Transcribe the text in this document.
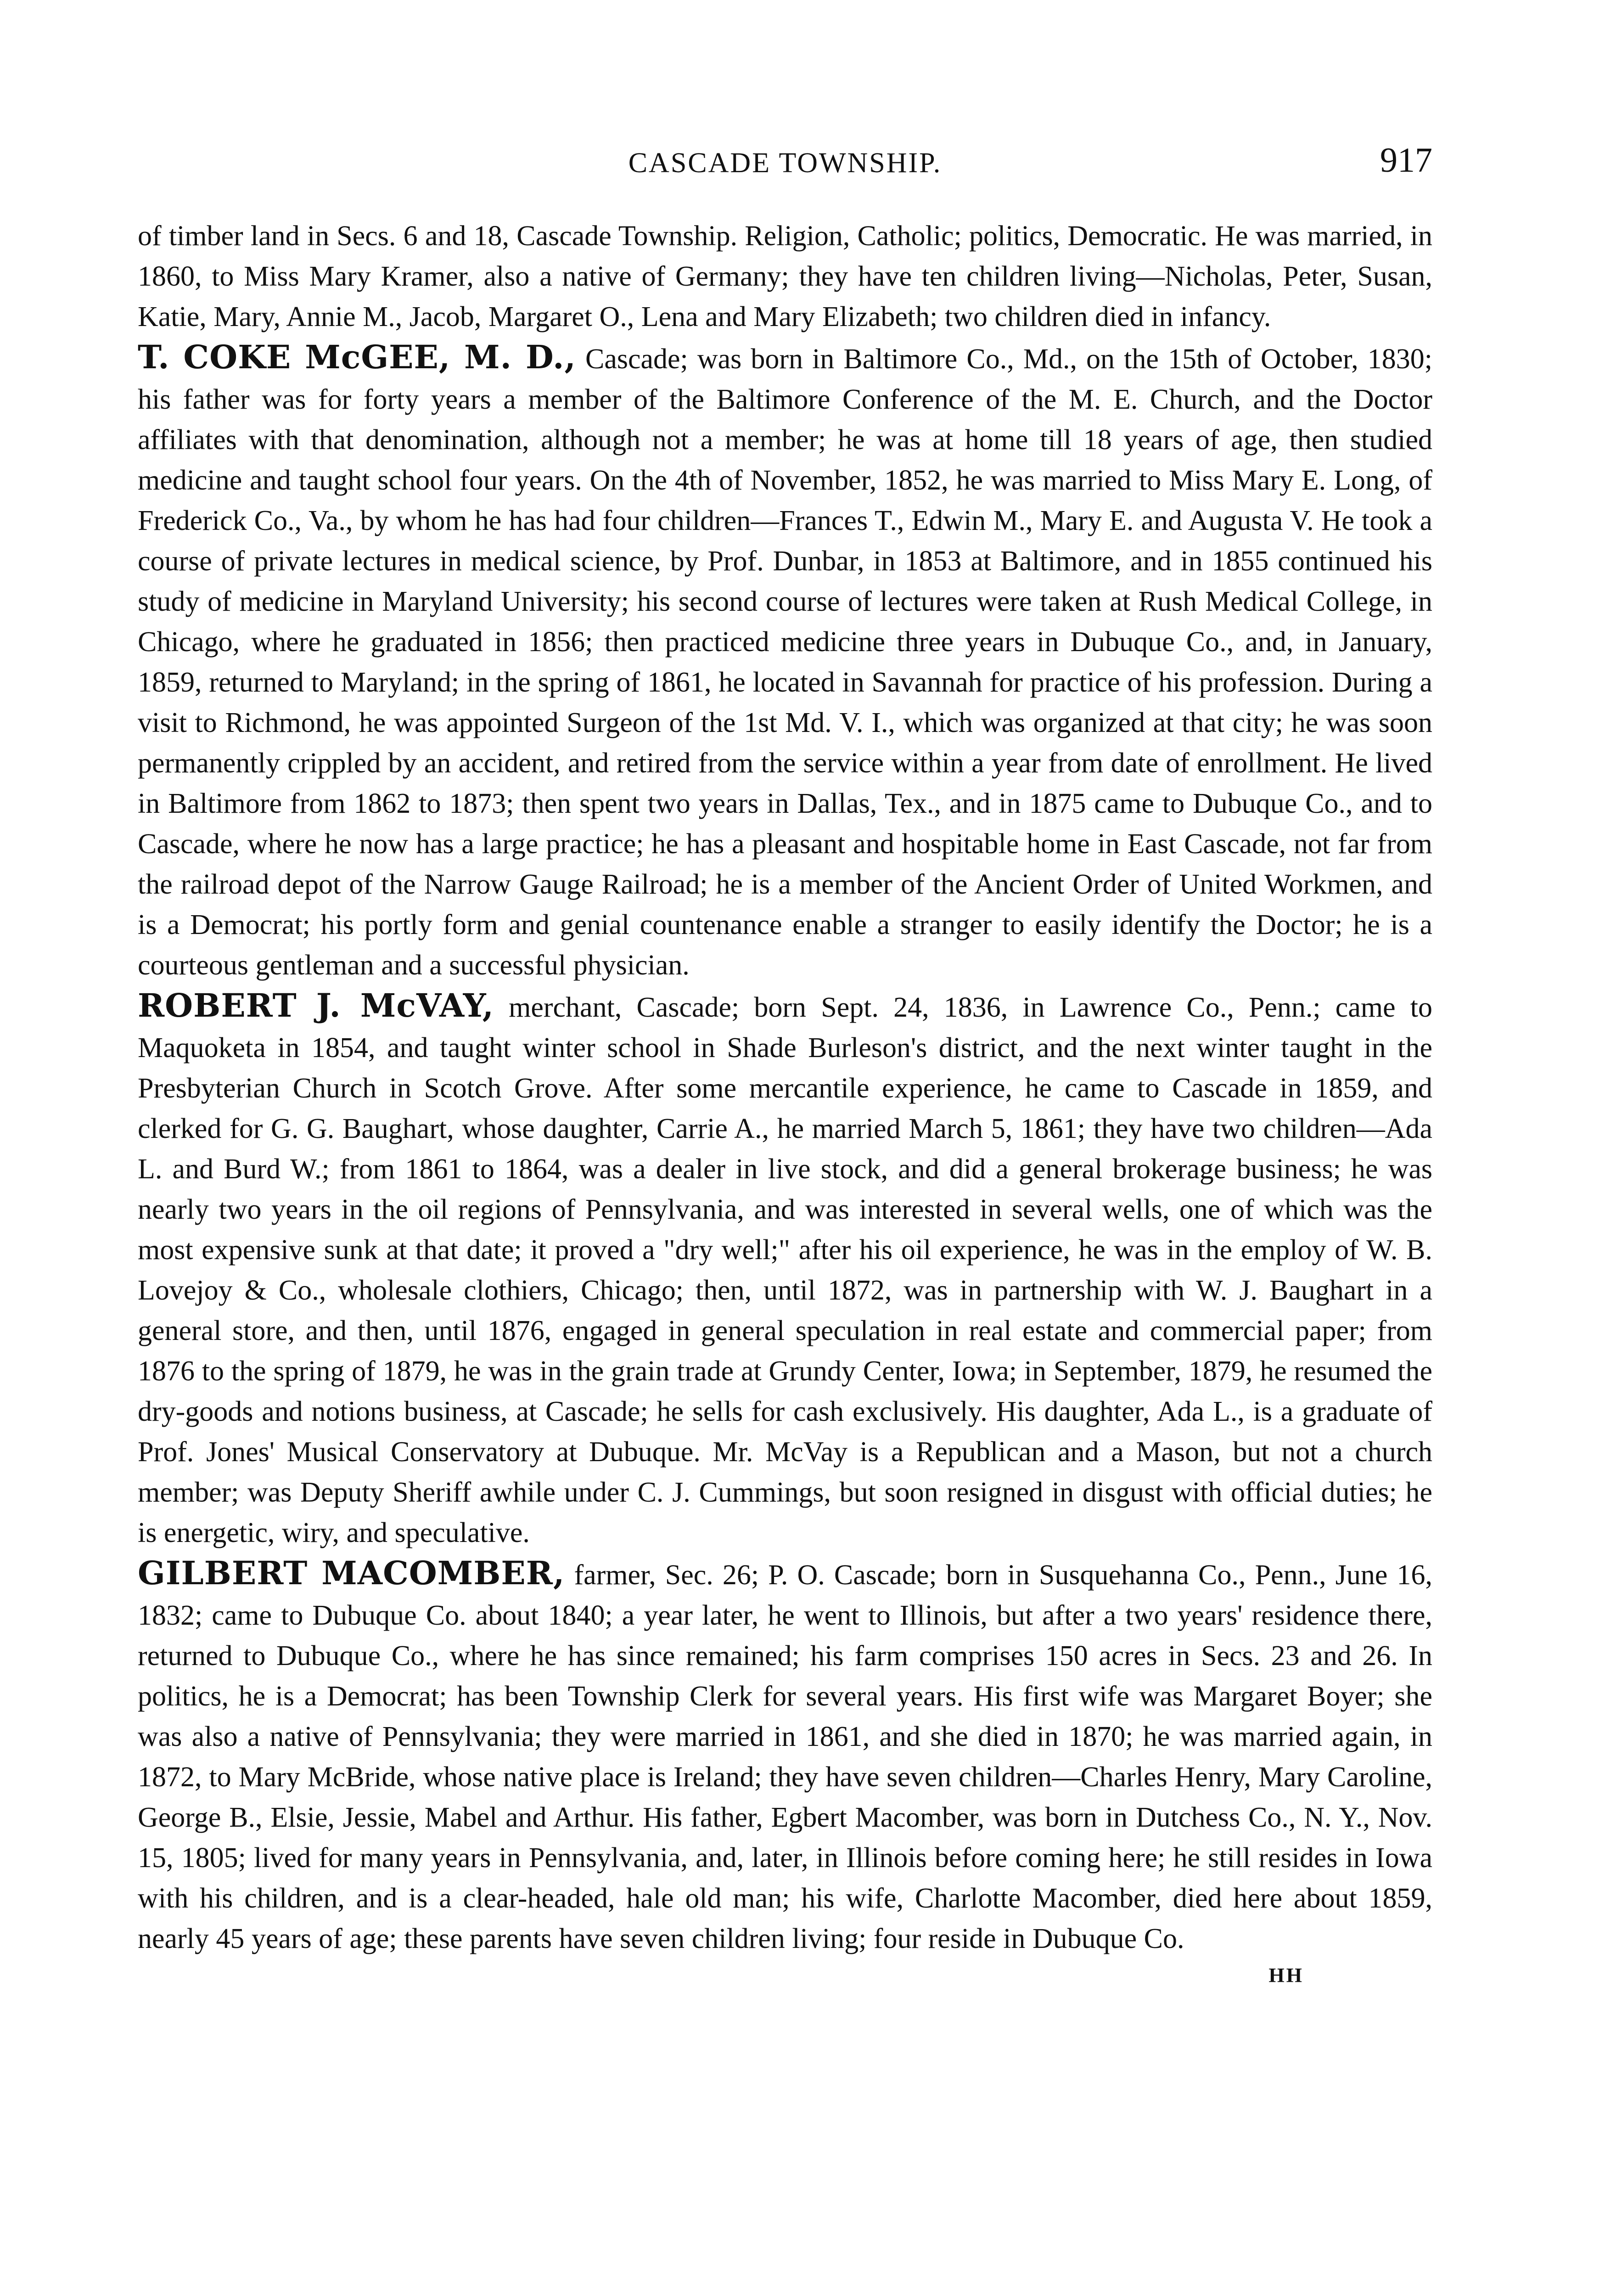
CASCADE TOWNSHIP.	917

of timber land in Secs. 6 and 18, Cascade Township. Religion, Catholic; politics, Democratic. He was married, in 1860, to Miss Mary Kramer, also a native of Germany; they have ten children living—Nicholas, Peter, Susan, Katie, Mary, Annie M., Jacob, Margaret O., Lena and Mary Elizabeth; two children died in infancy.

T. COKE McGEE, M. D., Cascade; was born in Baltimore Co., Md., on the 15th of October, 1830; his father was for forty years a member of the Baltimore Conference of the M. E. Church, and the Doctor affiliates with that denomination, although not a member; he was at home till 18 years of age, then studied medicine and taught school four years. On the 4th of November, 1852, he was married to Miss Mary E. Long, of Frederick Co., Va., by whom he has had four children—Frances T., Edwin M., Mary E. and Augusta V. He took a course of private lectures in medical science, by Prof. Dunbar, in 1853 at Baltimore, and in 1855 continued his study of medicine in Maryland University; his second course of lectures were taken at Rush Medical College, in Chicago, where he graduated in 1856; then practiced medicine three years in Dubuque Co., and, in January, 1859, returned to Maryland; in the spring of 1861, he located in Savannah for practice of his profession. During a visit to Richmond, he was appointed Surgeon of the 1st Md. V. I., which was organized at that city; he was soon permanently crippled by an accident, and retired from the service within a year from date of enrollment. He lived in Baltimore from 1862 to 1873; then spent two years in Dallas, Tex., and in 1875 came to Dubuque Co., and to Cascade, where he now has a large practice; he has a pleasant and hospitable home in East Cascade, not far from the railroad depot of the Narrow Gauge Railroad; he is a member of the Ancient Order of United Workmen, and is a Democrat; his portly form and genial countenance enable a stranger to easily identify the Doctor; he is a courteous gentleman and a successful physician.

ROBERT J. McVAY, merchant, Cascade; born Sept. 24, 1836, in Lawrence Co., Penn.; came to Maquoketa in 1854, and taught winter school in Shade Burleson's district, and the next winter taught in the Presbyterian Church in Scotch Grove. After some mercantile experience, he came to Cascade in 1859, and clerked for G. G. Baughart, whose daughter, Carrie A., he married March 5, 1861; they have two children—Ada L. and Burd W.; from 1861 to 1864, was a dealer in live stock, and did a general brokerage business; he was nearly two years in the oil regions of Pennsylvania, and was interested in several wells, one of which was the most expensive sunk at that date; it proved a "dry well;" after his oil experience, he was in the employ of W. B. Lovejoy & Co., wholesale clothiers, Chicago; then, until 1872, was in partnership with W. J. Baughart in a general store, and then, until 1876, engaged in general speculation in real estate and commercial paper; from 1876 to the spring of 1879, he was in the grain trade at Grundy Center, Iowa; in September, 1879, he resumed the dry-goods and notions business, at Cascade; he sells for cash exclusively. His daughter, Ada L., is a graduate of Prof. Jones' Musical Conservatory at Dubuque. Mr. McVay is a Republican and a Mason, but not a church member; was Deputy Sheriff awhile under C. J. Cummings, but soon resigned in disgust with official duties; he is energetic, wiry, and speculative.

GILBERT MACOMBER, farmer, Sec. 26; P. O. Cascade; born in Susquehanna Co., Penn., June 16, 1832; came to Dubuque Co. about 1840; a year later, he went to Illinois, but after a two years' residence there, returned to Dubuque Co., where he has since remained; his farm comprises 150 acres in Secs. 23 and 26. In politics, he is a Democrat; has been Township Clerk for several years. His first wife was Margaret Boyer; she was also a native of Pennsylvania; they were married in 1861, and she died in 1870; he was married again, in 1872, to Mary McBride, whose native place is Ireland; they have seven children—Charles Henry, Mary Caroline, George B., Elsie, Jessie, Mabel and Arthur. His father, Egbert Macomber, was born in Dutchess Co., N. Y., Nov. 15, 1805; lived for many years in Pennsylvania, and, later, in Illinois before coming here; he still resides in Iowa with his children, and is a clear-headed, hale old man; his wife, Charlotte Macomber, died here about 1859, nearly 45 years of age; these parents have seven children living; four reside in Dubuque Co.

HH
